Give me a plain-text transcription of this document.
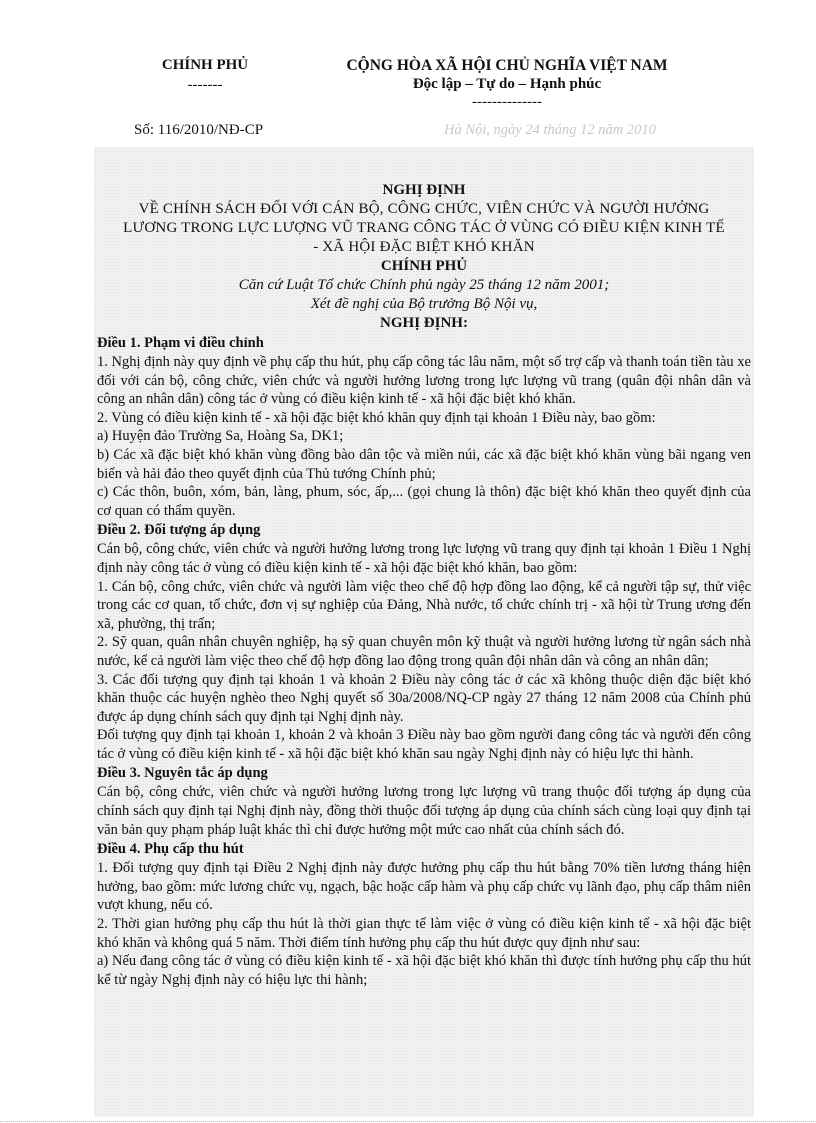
CHÍNH PHỦ
-------
CỘNG HÒA XÃ HỘI CHỦ NGHĨA VIỆT NAM
Độc lập – Tự do – Hạnh phúc
--------------
Số: 116/2010/NĐ-CP	Hà Nội, ngày 24 tháng 12 năm 2010
NGHỊ ĐỊNH
VỀ CHÍNH SÁCH ĐỐI VỚI CÁN BỘ, CÔNG CHỨC, VIÊN CHỨC VÀ NGƯỜI HƯỞNG
LƯƠNG TRONG LỰC LƯỢNG VŨ TRANG CÔNG TÁC Ở VÙNG CÓ ĐIỀU KIỆN KINH TẾ
- XÃ HỘI ĐẶC BIỆT KHÓ KHĂN
CHÍNH PHỦ
Căn cứ Luật Tổ chức Chính phủ ngày 25 tháng 12 năm 2001;
Xét đề nghị của Bộ trưởng Bộ Nội vụ,
NGHỊ ĐỊNH:
Điều 1. Phạm vi điều chỉnh
1. Nghị định này quy định về phụ cấp thu hút, phụ cấp công tác lâu năm, một số trợ cấp và thanh toán tiền tàu xe đối với cán bộ, công chức, viên chức và người hưởng lương trong lực lượng vũ trang (quân đội nhân dân và công an nhân dân) công tác ở vùng có điều kiện kinh tế - xã hội đặc biệt khó khăn.
2. Vùng có điều kiện kinh tế - xã hội đặc biệt khó khăn quy định tại khoản 1 Điều này, bao gồm:
a) Huyện đảo Trường Sa, Hoàng Sa, DK1;
b) Các xã đặc biệt khó khăn vùng đồng bào dân tộc và miền núi, các xã đặc biệt khó khăn vùng bãi ngang ven biển và hải đảo theo quyết định của Thủ tướng Chính phủ;
c) Các thôn, buôn, xóm, bản, làng, phum, sóc, ấp,... (gọi chung là thôn) đặc biệt khó khăn theo quyết định của cơ quan có thẩm quyền.
Điều 2. Đối tượng áp dụng
Cán bộ, công chức, viên chức và người hưởng lương trong lực lượng vũ trang quy định tại khoản 1 Điều 1 Nghị định này công tác ở vùng có điều kiện kinh tế - xã hội đặc biệt khó khăn, bao gồm:
1. Cán bộ, công chức, viên chức và người làm việc theo chế độ hợp đồng lao động, kể cả người tập sự, thử việc trong các cơ quan, tổ chức, đơn vị sự nghiệp của Đảng, Nhà nước, tổ chức chính trị - xã hội từ Trung ương đến xã, phường, thị trấn;
2. Sỹ quan, quân nhân chuyên nghiệp, hạ sỹ quan chuyên môn kỹ thuật và người hưởng lương từ ngân sách nhà nước, kể cả người làm việc theo chế độ hợp đồng lao động trong quân đội nhân dân và công an nhân dân;
3. Các đối tượng quy định tại khoản 1 và khoản 2 Điều này công tác ở các xã không thuộc diện đặc biệt khó khăn thuộc các huyện nghèo theo Nghị quyết số 30a/2008/NQ-CP ngày 27 tháng 12 năm 2008 của Chính phủ được áp dụng chính sách quy định tại Nghị định này.
Đối tượng quy định tại khoản 1, khoản 2 và khoản 3 Điều này bao gồm người đang công tác và người đến công tác ở vùng có điều kiện kinh tế - xã hội đặc biệt khó khăn sau ngày Nghị định này có hiệu lực thi hành.
Điều 3. Nguyên tắc áp dụng
Cán bộ, công chức, viên chức và người hưởng lương trong lực lượng vũ trang thuộc đối tượng áp dụng của chính sách quy định tại Nghị định này, đồng thời thuộc đối tượng áp dụng của chính sách cùng loại quy định tại văn bản quy phạm pháp luật khác thì chỉ được hưởng một mức cao nhất của chính sách đó.
Điều 4. Phụ cấp thu hút
1. Đối tượng quy định tại Điều 2 Nghị định này được hưởng phụ cấp thu hút bằng 70% tiền lương tháng hiện hưởng, bao gồm: mức lương chức vụ, ngạch, bậc hoặc cấp hàm và phụ cấp chức vụ lãnh đạo, phụ cấp thâm niên vượt khung, nếu có.
2. Thời gian hưởng phụ cấp thu hút là thời gian thực tế làm việc ở vùng có điều kiện kinh tế - xã hội đặc biệt khó khăn và không quá 5 năm. Thời điểm tính hưởng phụ cấp thu hút được quy định như sau:
a) Nếu đang công tác ở vùng có điều kiện kinh tế - xã hội đặc biệt khó khăn thì được tính hưởng phụ cấp thu hút kể từ ngày Nghị định này có hiệu lực thi hành;
